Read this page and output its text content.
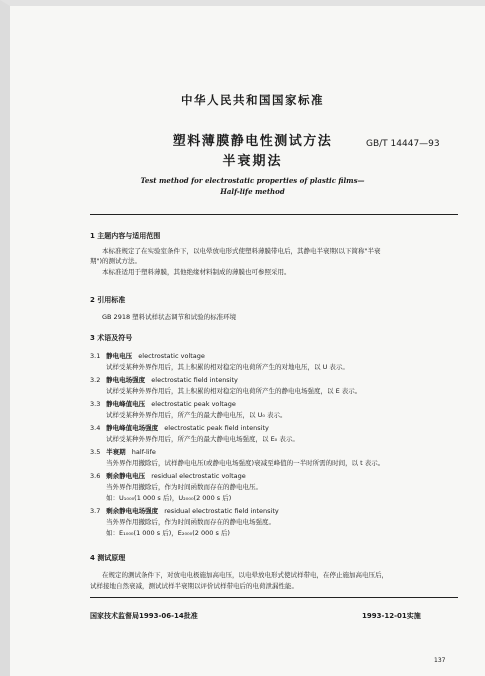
中华人民共和国国家标准
塑料薄膜静电性测试方法
半衰期法
GB/T 14447—93
Test method for electrostatic properties of plastic films—
Half-life method
1 主题内容与适用范围
本标准规定了在实验室条件下，以电晕放电形式使塑料薄膜带电后，其静电半衰期(以下简称"半衰
期")的测试方法。
本标准适用于塑料薄膜，其他绝缘材料制成的薄膜也可参照采用。
2 引用标准
GB 2918 塑料试样状态调节和试验的标准环境
3 术语及符号
3.1 静电电压 electrostatic voltage
试样受某种外界作用后，其上积累的相对稳定的电荷所产生的对地电压，以 U 表示。
3.2 静电电场强度 electrostatic field intensity
试样受某种外界作用后，其上积累的相对稳定的电荷所产生的静电电场强度，以 E 表示。
3.3 静电峰值电压 electrostatic peak voltage
试样受某种外界作用后，所产生的最大静电电压，以 U₀ 表示。
3.4 静电峰值电场强度 electrostatic peak field intensity
试样受某种外界作用后，所产生的最大静电电场强度，以 E₀ 表示。
3.5 半衰期 half-life
当外界作用撤除后，试样静电电压(或静电电场强度)衰减至峰值的一半时所需的时间，以 t 表示。
3.6 剩余静电电压 residual electrostatic voltage
当外界作用撤除后，作为时间函数而存在的静电电压。
如：U₁₀₀₀(1 000 s 后)，U₂₀₀₀(2 000 s 后)
3.7 剩余静电电场强度 residual electrostatic field intensity
当外界作用撤除后，作为时间函数而存在的静电电场强度。
如：E₁₀₀₀(1 000 s 后)，E₂₀₀₀(2 000 s 后)
4 测试原理
在规定的测试条件下，对放电电极施加高电压，以电晕放电形式使试样带电，在停止施加高电压后，
试样接地自然衰减，测试试样半衰期以评价试样带电后的电荷泄漏性能。
国家技术监督局1993-06-14批准	1993-12-01实施
137
